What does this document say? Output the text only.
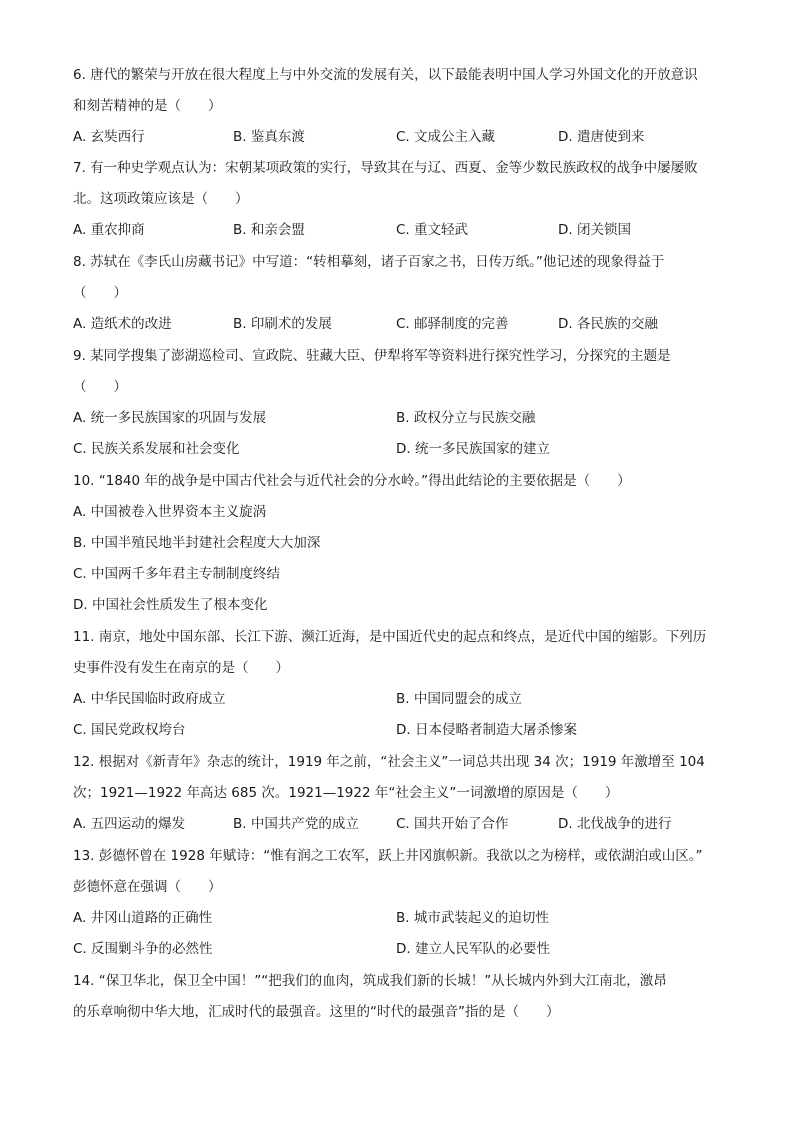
6. 唐代的繁荣与开放在很大程度上与中外交流的发展有关，以下最能表明中国人学习外国文化的开放意识
和刻苦精神的是（　　）
A. 玄奘西行	B. 鉴真东渡	C. 文成公主入藏	D. 遣唐使到来
7. 有一种史学观点认为：宋朝某项政策的实行，导致其在与辽、西夏、金等少数民族政权的战争中屡屡败
北。这项政策应该是（　　）
A. 重农抑商	B. 和亲会盟	C. 重文轻武	D. 闭关锁国
8. 苏轼在《李氏山房藏书记》中写道：“转相摹刻，诸子百家之书，日传万纸。”他记述的现象得益于
（　　）
A. 造纸术的改进	B. 印刷术的发展	C. 邮驿制度的完善	D. 各民族的交融
9. 某同学搜集了澎湖巡检司、宣政院、驻藏大臣、伊犁将军等资料进行探究性学习，分探究的主题是
（　　）
A. 统一多民族国家的巩固与发展	B. 政权分立与民族交融
C. 民族关系发展和社会变化	D. 统一多民族国家的建立
10. “1840 年的战争是中国古代社会与近代社会的分水岭。”得出此结论的主要依据是（　　）
A. 中国被卷入世界资本主义旋涡
B. 中国半殖民地半封建社会程度大大加深
C. 中国两千多年君主专制制度终结
D. 中国社会性质发生了根本变化
11. 南京，地处中国东部、长江下游、濒江近海，是中国近代史的起点和终点，是近代中国的缩影。下列历
史事件没有发生在南京的是（　　）
A. 中华民国临时政府成立	B. 中国同盟会的成立
C. 国民党政权垮台	D. 日本侵略者制造大屠杀惨案
12. 根据对《新青年》杂志的统计，1919 年之前，“社会主义”一词总共出现 34 次；1919 年激增至 104
次；1921—1922 年高达 685 次。1921—1922 年“社会主义”一词激增的原因是（　　）
A. 五四运动的爆发	B. 中国共产党的成立	C. 国共开始了合作	D. 北伐战争的进行
13. 彭德怀曾在 1928 年赋诗：“惟有润之工农军，跃上井冈旗帜新。我欲以之为榜样，或依湖泊或山区。”
彭德怀意在强调（　　）
A. 井冈山道路的正确性	B. 城市武装起义的迫切性
C. 反围剿斗争的必然性	D. 建立人民军队的必要性
14. “保卫华北，保卫全中国！”“把我们的血肉，筑成我们新的长城！”从长城内外到大江南北，激昂
的乐章响彻中华大地，汇成时代的最强音。这里的“时代的最强音”指的是（　　）
